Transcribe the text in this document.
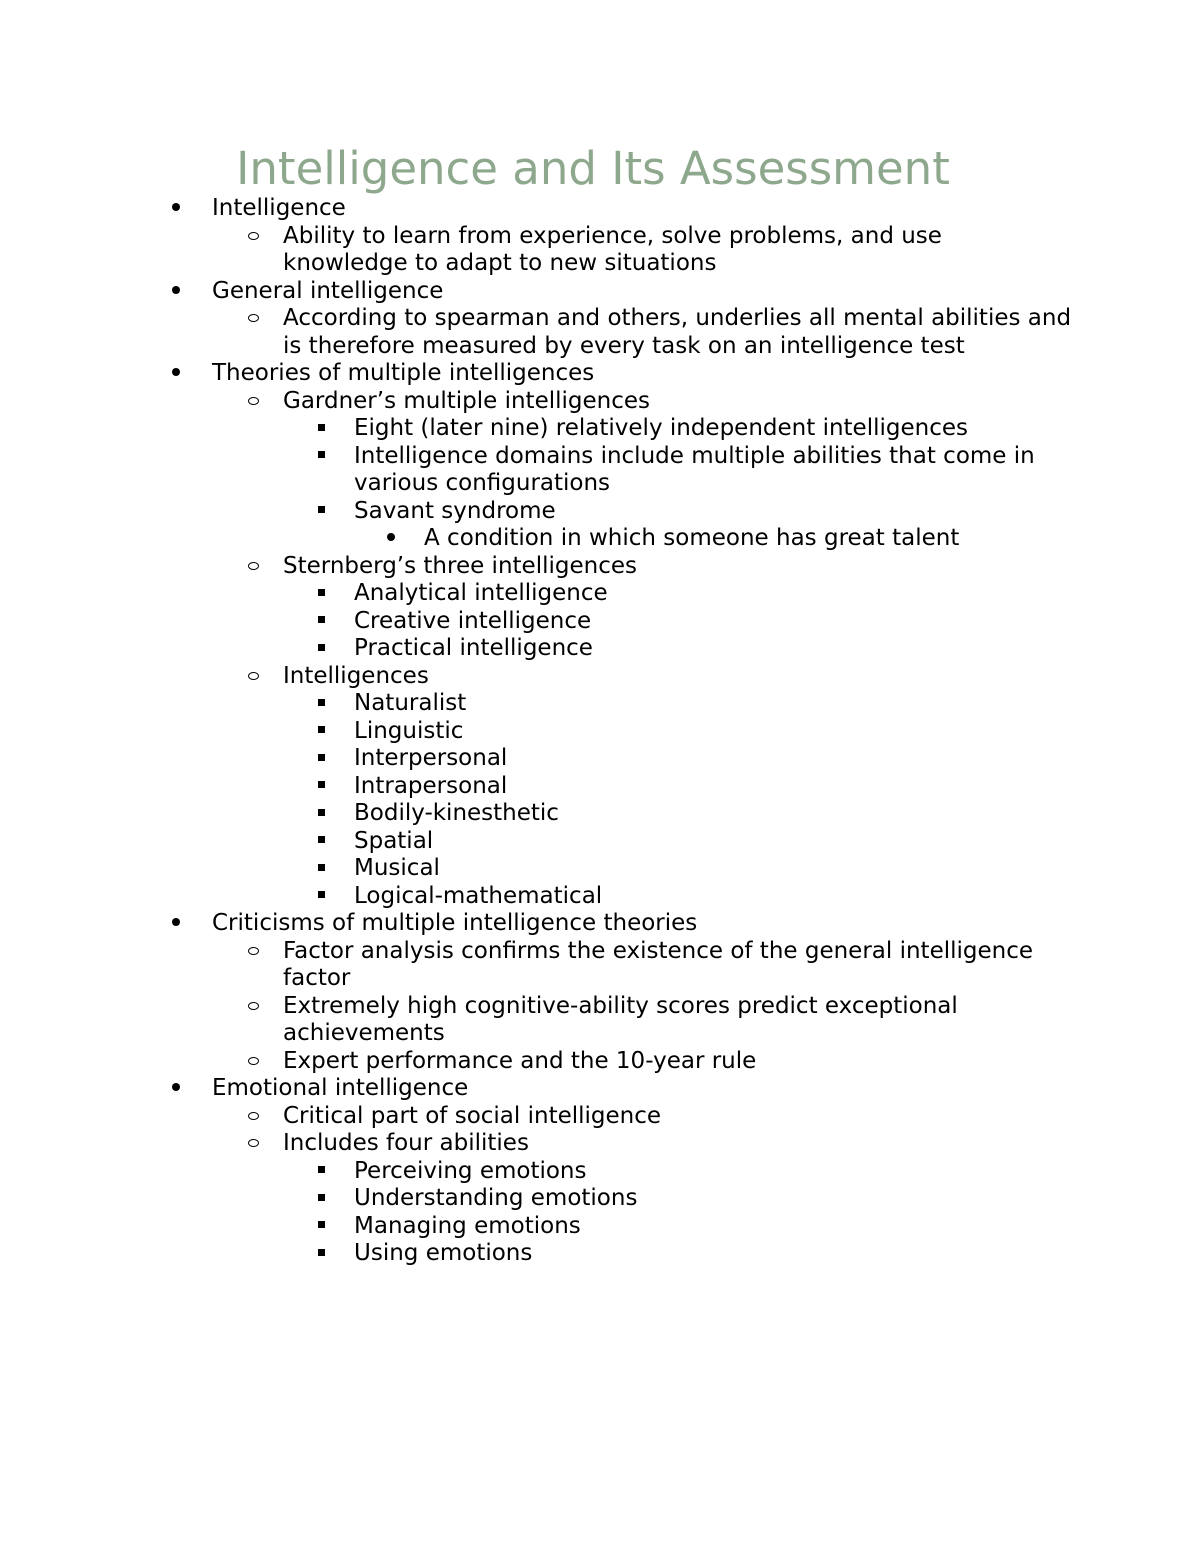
Intelligence and Its Assessment
Intelligence
Ability to learn from experience, solve problems, and use knowledge to adapt to new situations
General intelligence
According to spearman and others, underlies all mental abilities and is therefore measured by every task on an intelligence test
Theories of multiple intelligences
Gardner’s multiple intelligences
Eight (later nine) relatively independent intelligences
Intelligence domains include multiple abilities that come in various configurations
Savant syndrome
A condition in which someone has great talent
Sternberg’s three intelligences
Analytical intelligence
Creative intelligence
Practical intelligence
Intelligences
Naturalist
Linguistic
Interpersonal
Intrapersonal
Bodily-kinesthetic
Spatial
Musical
Logical-mathematical
Criticisms of multiple intelligence theories
Factor analysis confirms the existence of the general intelligence factor
Extremely high cognitive-ability scores predict exceptional achievements
Expert performance and the 10-year rule
Emotional intelligence
Critical part of social intelligence
Includes four abilities
Perceiving emotions
Understanding emotions
Managing emotions
Using emotions
